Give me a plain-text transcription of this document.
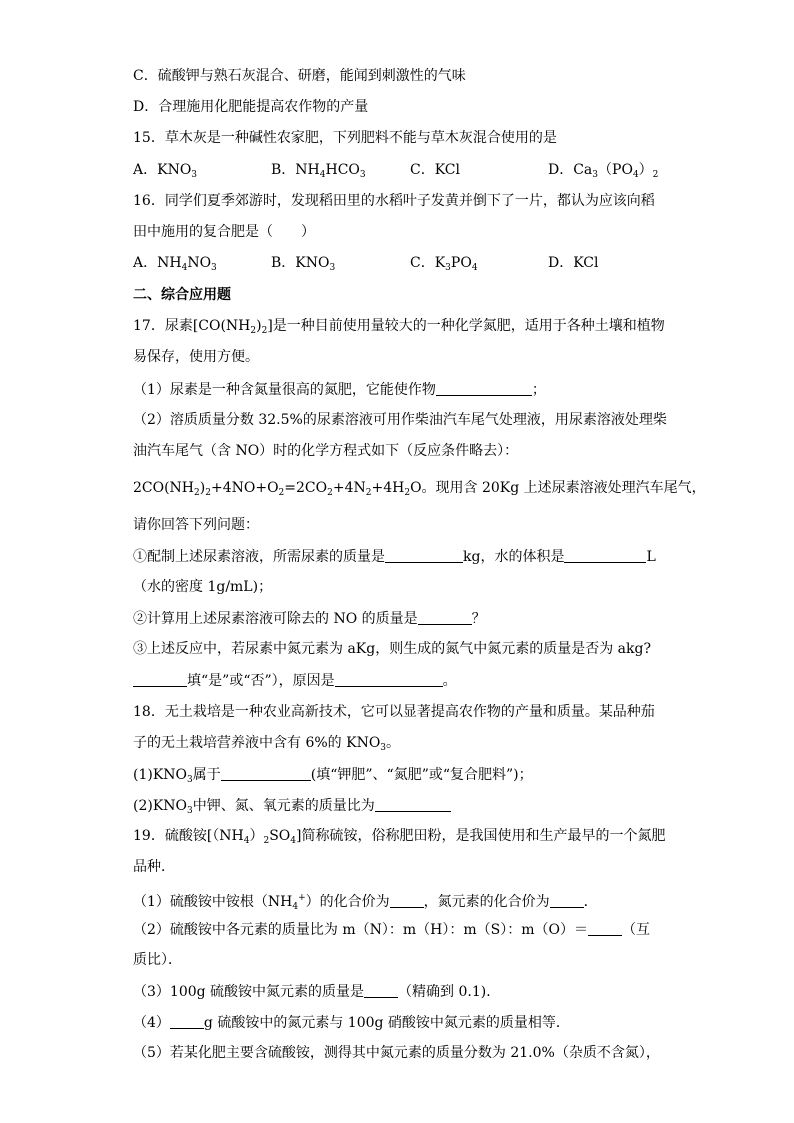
C．硫酸钾与熟石灰混合、研磨，能闻到刺激性的气味
D．合理施用化肥能提高农作物的产量
15．草木灰是一种碱性农家肥，下列肥料不能与草木灰混合使用的是
A．$KNO_3$	B．$NH_4HCO_3$	C．KCl	D．$Ca_3(PO_4)_2$
16．同学们夏季郊游时，发现稻田里的水稻叶子发黄并倒下了一片，都认为应该向稻
田中施用的复合肥是（　　）
A．$NH_4NO_3$	B．$KNO_3$	C．$K_3PO_4$	D．KCl
二、综合应用题
17．尿素$[CO(NH_2)_2]$是一种目前使用量较大的一种化学氮肥，适用于各种土壤和植物
易保存，使用方便。
（1）尿素是一种含氮量很高的氮肥，它能使作物	；
（2）溶质质量分数 32.5%的尿素溶液可用作柴油汽车尾气处理液，用尿素溶液处理柴
油汽车尾气（含 NO）时的化学方程式如下（反应条件略去）：
$2CO(NH_2)_2+4NO+O_2=2CO_2+4N_2+4H_2O$。现用含 20Kg 上述尿素溶液处理汽车尾气，
请你回答下列问题：
①配制上述尿素溶液，所需尿素的质量是	kg，水的体积是	L
（水的密度 1g/mL)；
②计算用上述尿素溶液可除去的 NO 的质量是	？
③上述反应中，若尿素中氮元素为 aKg，则生成的氮气中氮元素的质量是否为 akg?
填“是”或“否”），原因是	。
18．无土栽培是一种农业高新技术，它可以显著提高农作物的产量和质量。某品种茄
子的无土栽培营养液中含有 6%的 $KNO_3$。
$(1)KNO_3$属于	(填“钾肥”、“氮肥”或“复合肥料”)；
$(2)KNO_3$中钾、氮、氧元素的质量比为
19．硫酸铵$[(NH_4)_2SO_4]$简称硫铵，俗称肥田粉，是我国使用和生产最早的一个氮肥
品种．
（1）硫酸铵中铵根$(NH_4^+)$的化合价为 ，氮元素的化合价为 ．
（2）硫酸铵中各元素的质量比为 m（N）：m（H）：m（S）：m（O）＝ （互
质比）．
（3）100g 硫酸铵中氮元素的质量是 （精确到 0.1)．
（4） g 硫酸铵中的氮元素与 100g 硝酸铵中氮元素的质量相等．
（5）若某化肥主要含硫酸铵，测得其中氮元素的质量分数为 21.0%（杂质不含氮），
